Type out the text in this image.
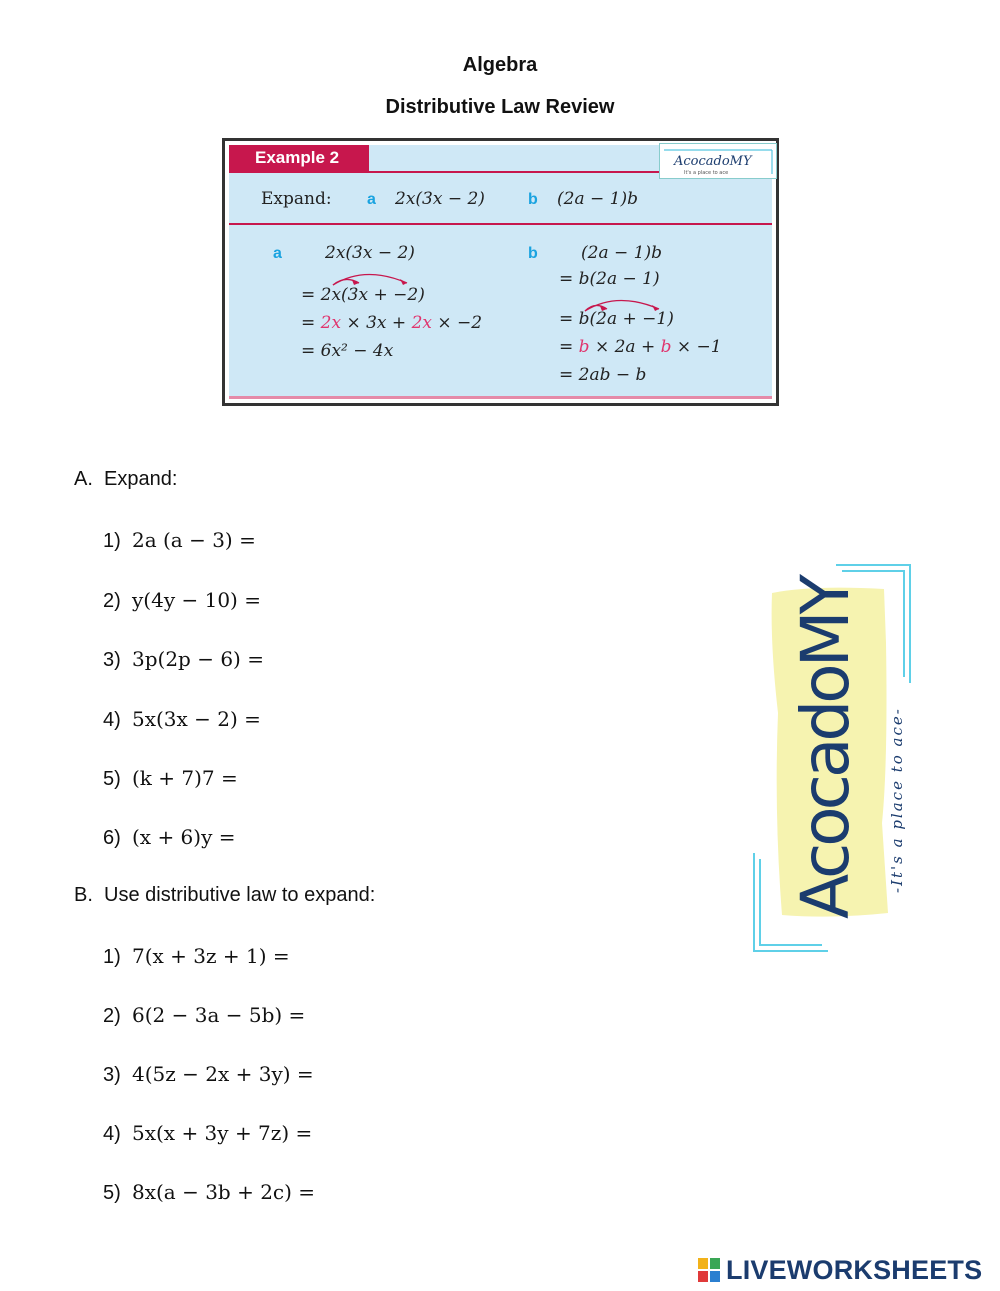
Algebra
Distributive Law Review
Example 2	AcocadoMY
It's a place to ace
Expand: a 2x(3x − 2)	b (2a − 1)b
a	2x(3x − 2)
= 2x(3x + −2)
= 2x × 3x + 2x × −2
= 6x² − 4x
b	(2a − 1)b
= b(2a − 1)
= b(2a + −1)
= b × 2a + b × −1
= 2ab − b
A. Expand:
1) 2a (a − 3) =
2) y(4y − 10) =
3) 3p(2p − 6) =
4) 5x(3x − 2) =
5) (k + 7)7 =
6) (x + 6)y =
B. Use distributive law to expand:
1) 7(x + 3z + 1) =
2) 6(2 − 3a − 5b) =
3) 4(5z − 2x + 3y) =
4) 5x(x + 3y + 7z) =
5) 8x(a − 3b + 2c) =
AcocadoMY -It's a place to ace-
LIVEWORKSHEETS
